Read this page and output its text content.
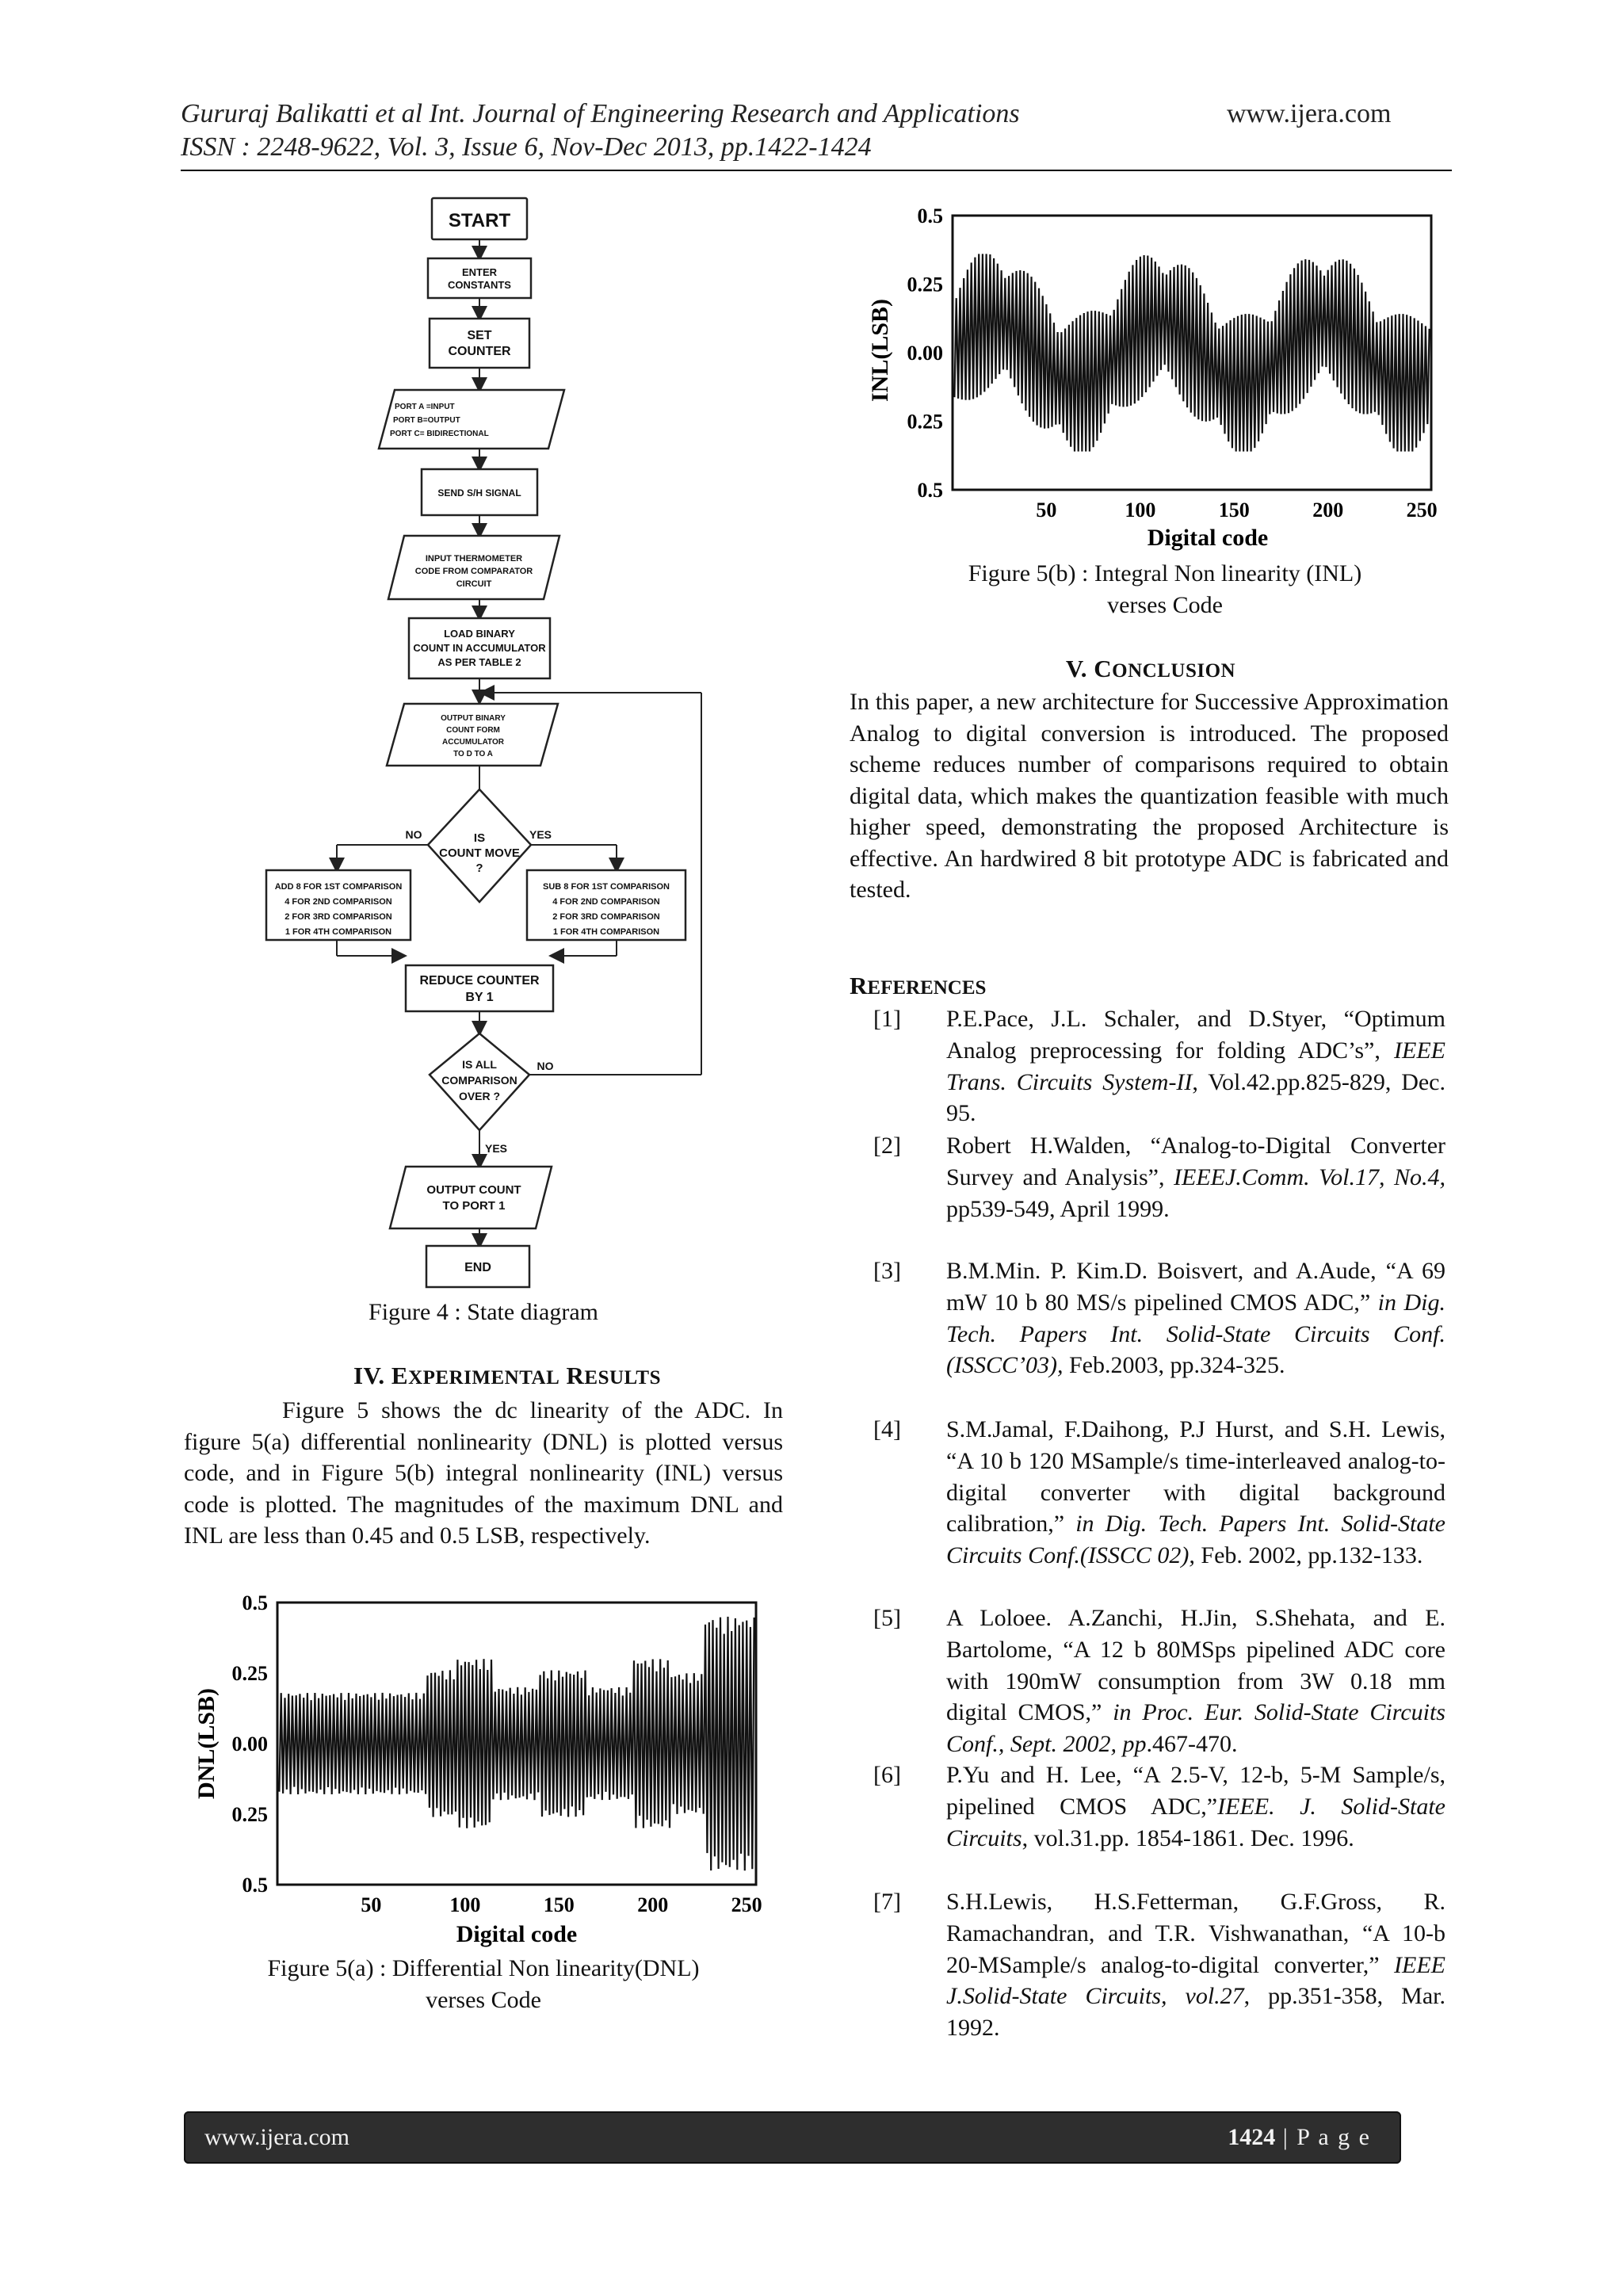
Gururaj Balikatti et al Int. Journal of Engineering Research and Applications	www.ijera.com
ISSN : 2248-9622, Vol. 3, Issue 6, Nov-Dec 2013, pp.1422-1424
START
ENTER
CONSTANTS
SET
COUNTER
PORT A =INPUT
PORT B=OUTPUT
PORT C= BIDIRECTIONAL
SEND S/H SIGNAL
INPUT THERMOMETER
CODE FROM COMPARATOR
CIRCUIT
LOAD BINARY
COUNT IN ACCUMULATOR
AS PER TABLE 2
OUTPUT BINARY
COUNT FORM
ACCUMULATOR
TO D TO A
IS
COUNT MOVE
?
NO	YES
ADD 8 FOR 1ST COMPARISON
4 FOR 2ND COMPARISON
2 FOR 3RD COMPARISON
1 FOR 4TH COMPARISON
SUB 8 FOR 1ST COMPARISON
4 FOR 2ND COMPARISON
2 FOR 3RD COMPARISON
1 FOR 4TH COMPARISON
REDUCE COUNTER
BY 1
IS ALL
COMPARISON
OVER ?
NO
YES
OUTPUT COUNT
TO PORT 1
END
Figure 4 : State diagram
IV. EXPERIMENTAL RESULTS
Figure 5 shows the dc linearity of the ADC. In figure 5(a) differential nonlinearity (DNL) is plotted versus code, and in Figure 5(b) integral nonlinearity (INL) versus code is plotted. The magnitudes of the maximum DNL and INL are less than 0.45 and 0.5 LSB, respectively.
0.5
0.25
0.00
0.25
0.5
50	100	150	200	250
Digital code
DNL(LSB)
Figure 5(a) : Differential Non linearity(DNL)
verses Code
0.5
0.25
0.00
0.25
0.5
50	100	150	200	250
Digital code
INL(LSB)
Figure 5(b) : Integral Non linearity (INL)
verses Code
V. CONCLUSION
In this paper, a new architecture for Successive Approximation Analog to digital conversion is introduced. The proposed scheme reduces number of comparisons required to obtain digital data, which makes the quantization feasible with much higher speed, demonstrating the proposed Architecture is effective. An hardwired 8 bit prototype ADC is fabricated and tested.
REFERENCES
[1]	P.E.Pace, J.L. Schaler, and D.Styer, “Optimum Analog preprocessing for folding ADC’s”, IEEE Trans. Circuits System-II, Vol.42.pp.825-829, Dec. 95.
[2]	Robert H.Walden, “Analog-to-Digital Converter Survey and Analysis”, IEEEJ.Comm. Vol.17, No.4, pp539-549, April 1999.
[3]	B.M.Min. P. Kim.D. Boisvert, and A.Aude, “A 69 mW 10 b 80 MS/s pipelined CMOS ADC,” in Dig. Tech. Papers Int. Solid-State Circuits Conf.(ISSCC’03), Feb.2003, pp.324-325.
[4]	S.M.Jamal, F.Daihong, P.J Hurst, and S.H. Lewis, “A 10 b 120 MSample/s time-interleaved analog-to-digital converter with digital background calibration,” in Dig. Tech. Papers Int. Solid-State Circuits Conf.(ISSCC 02), Feb. 2002, pp.132-133.
[5]	A Loloee. A.Zanchi, H.Jin, S.Shehata, and E. Bartolome, “A 12 b 80MSps pipelined ADC core with 190mW consumption from 3W 0.18 mm digital CMOS,” in Proc. Eur. Solid-State Circuits Conf., Sept. 2002, pp.467-470.
[6]	P.Yu and H. Lee, “A 2.5-V, 12-b, 5-M Sample/s, pipelined CMOS ADC,”IEEE. J. Solid-State Circuits, vol.31.pp. 1854-1861. Dec. 1996.
[7]	S.H.Lewis, H.S.Fetterman, G.F.Gross, R. Ramachandran, and T.R. Vishwanathan, “A 10-b 20-MSample/s analog-to-digital converter,” IEEE J.Solid-State Circuits, vol.27, pp.351-358, Mar. 1992.
www.ijera.com	1424 | P a g e
